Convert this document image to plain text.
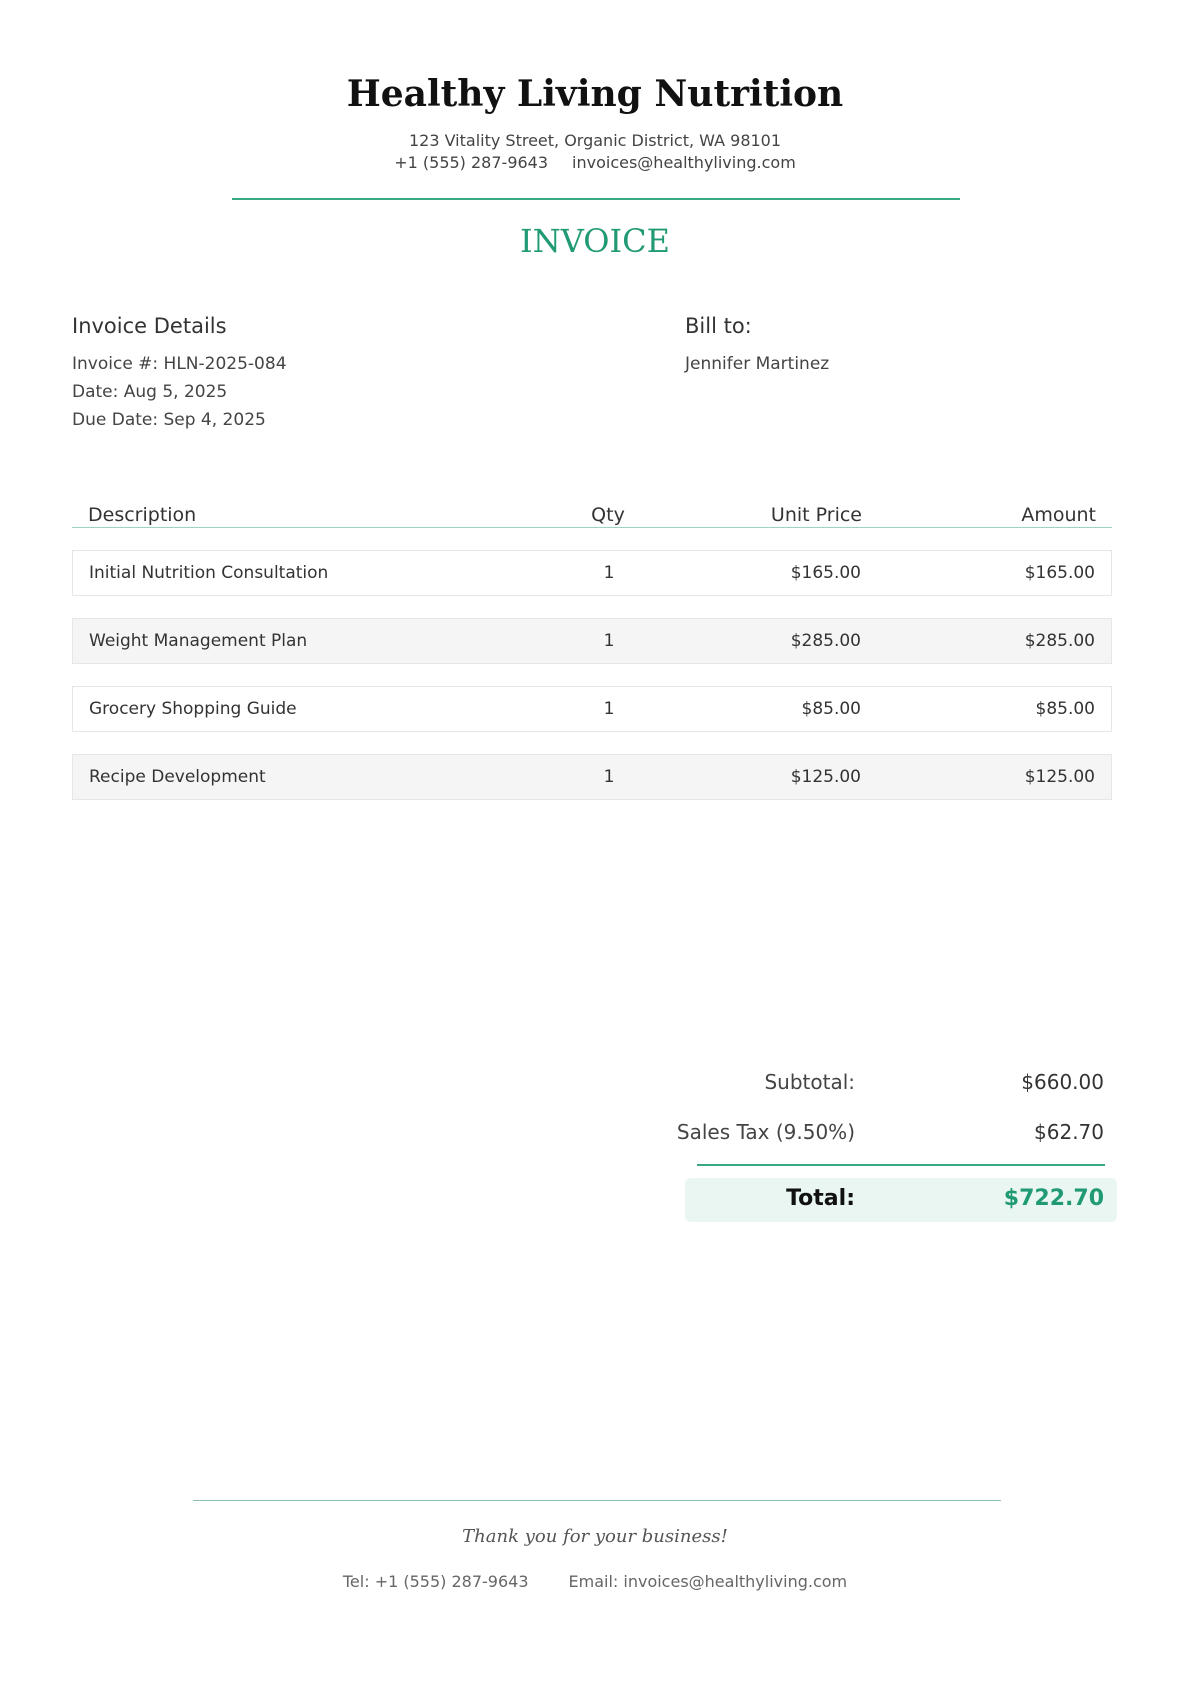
Healthy Living Nutrition
123 Vitality Street, Organic District, WA 98101
+1 (555) 287-9643 invoices@healthyliving.com
INVOICE
Invoice Details
Invoice #: HLN-2025-084
Date: Aug 5, 2025
Due Date: Sep 4, 2025
Bill to:
Jennifer Martinez
Description	Qty	Unit Price	Amount
Initial Nutrition Consultation	1	$165.00	$165.00
Weight Management Plan	1	$285.00	$285.00
Grocery Shopping Guide	1	$85.00	$85.00
Recipe Development	1	$125.00	$125.00
Subtotal:	$660.00
Sales Tax (9.50%)	$62.70
Total:	$722.70
Thank you for your business!
Tel: +1 (555) 287-9643	Email: invoices@healthyliving.com
